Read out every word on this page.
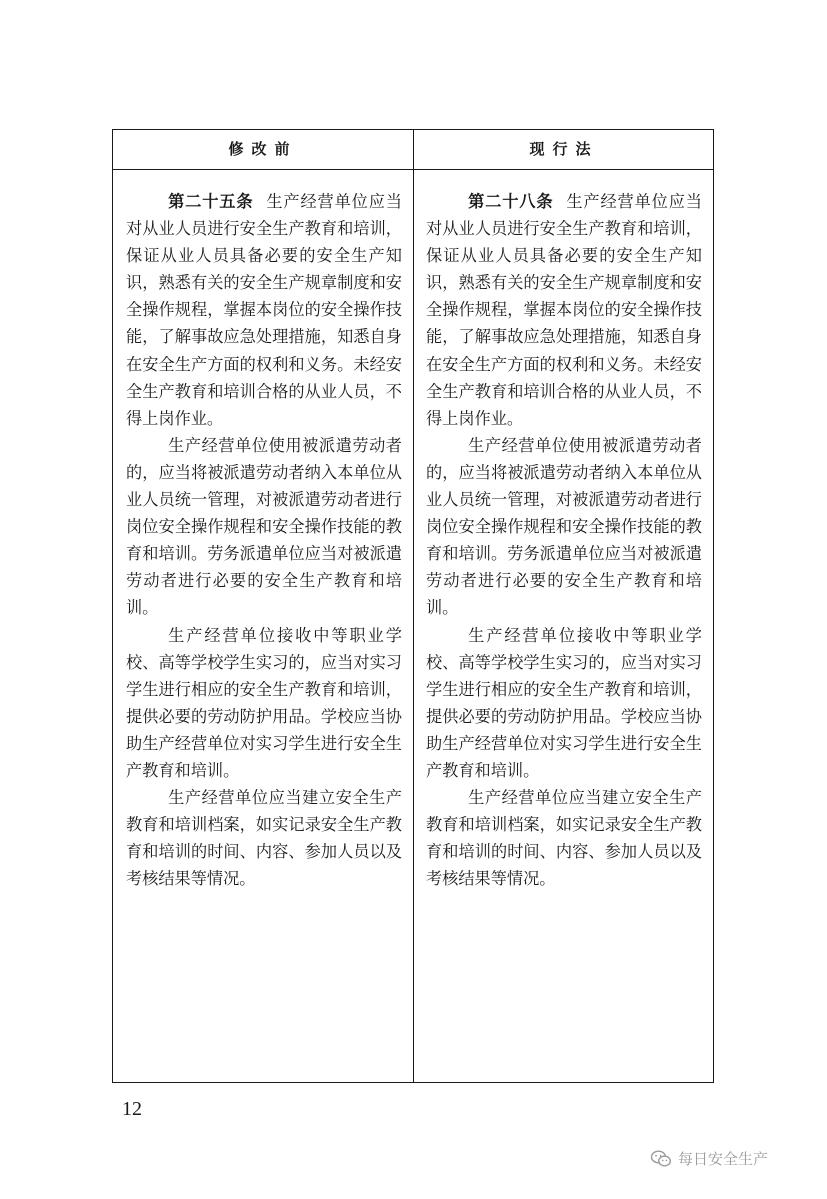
修改前	现行法

第二十五条 生产经营单位应当对从业人员进行安全生产教育和培训，保证从业人员具备必要的安全生产知识，熟悉有关的安全生产规章制度和安全操作规程，掌握本岗位的安全操作技能，了解事故应急处理措施，知悉自身在安全生产方面的权利和义务。未经安全生产教育和培训合格的从业人员，不得上岗作业。

生产经营单位使用被派遣劳动者的，应当将被派遣劳动者纳入本单位从业人员统一管理，对被派遣劳动者进行岗位安全操作规程和安全操作技能的教育和培训。劳务派遣单位应当对被派遣劳动者进行必要的安全生产教育和培训。

生产经营单位接收中等职业学校、高等学校学生实习的，应当对实习学生进行相应的安全生产教育和培训，提供必要的劳动防护用品。学校应当协助生产经营单位对实习学生进行安全生产教育和培训。

生产经营单位应当建立安全生产教育和培训档案，如实记录安全生产教育和培训的时间、内容、参加人员以及考核结果等情况。

第二十八条 生产经营单位应当对从业人员进行安全生产教育和培训，保证从业人员具备必要的安全生产知识，熟悉有关的安全生产规章制度和安全操作规程，掌握本岗位的安全操作技能，了解事故应急处理措施，知悉自身在安全生产方面的权利和义务。未经安全生产教育和培训合格的从业人员，不得上岗作业。

生产经营单位使用被派遣劳动者的，应当将被派遣劳动者纳入本单位从业人员统一管理，对被派遣劳动者进行岗位安全操作规程和安全操作技能的教育和培训。劳务派遣单位应当对被派遣劳动者进行必要的安全生产教育和培训。

生产经营单位接收中等职业学校、高等学校学生实习的，应当对实习学生进行相应的安全生产教育和培训，提供必要的劳动防护用品。学校应当协助生产经营单位对实习学生进行安全生产教育和培训。

生产经营单位应当建立安全生产教育和培训档案，如实记录安全生产教育和培训的时间、内容、参加人员以及考核结果等情况。

12
每日安全生产
